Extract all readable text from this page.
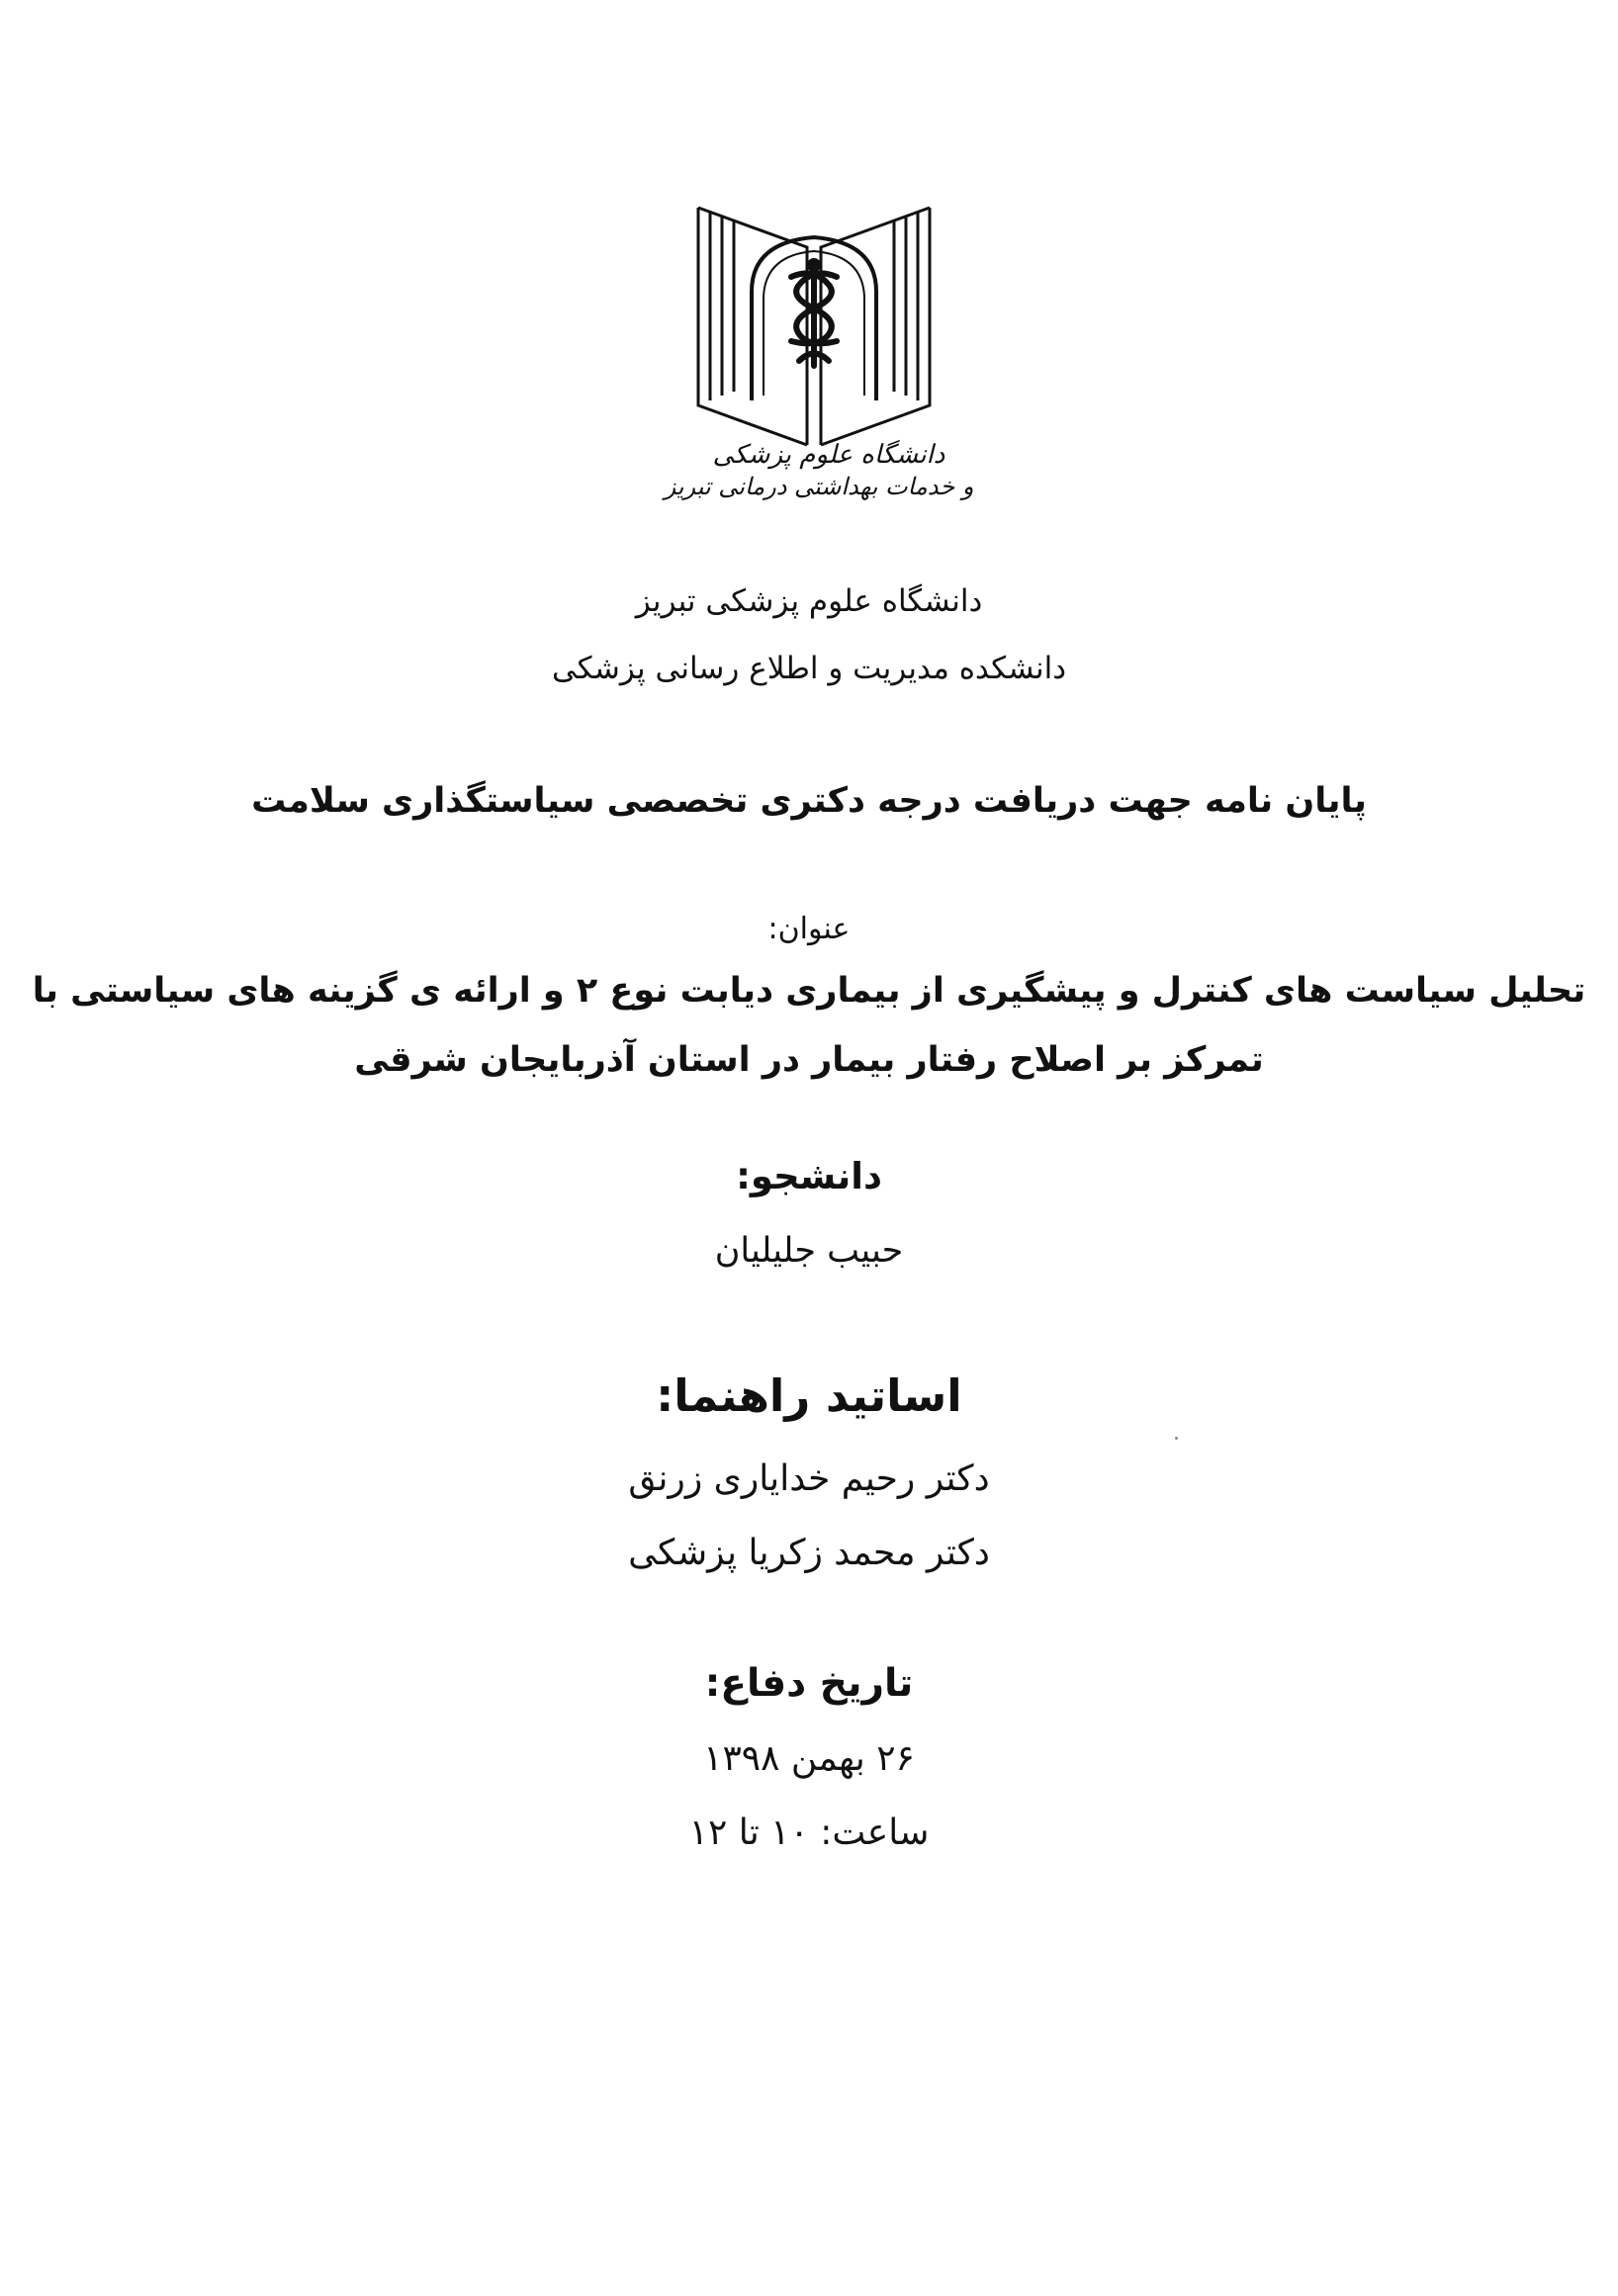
دانشگاه علوم پزشکی
و خدمات بهداشتی درمانی تبریز
دانشگاه علوم پزشکی تبریز
دانشکده مدیریت و اطلاع رسانی پزشکی
پایان نامه جهت دریافت درجه دکتری تخصصی سیاستگذاری سلامت
عنوان:
تحلیل سیاست های کنترل و پیشگیری از بیماری دیابت نوع ۲ و ارائه ی گزینه های سیاستی با
تمرکز بر اصلاح رفتار بیمار در استان آذربایجان شرقی
دانشجو:
حبیب جلیلیان
اساتید راهنما:
دکتر رحیم خدایاری زرنق
دکتر محمد زکریا پزشکی
تاریخ دفاع:
۲۶ بهمن ۱۳۹۸
ساعت: ۱۰ تا ۱۲
